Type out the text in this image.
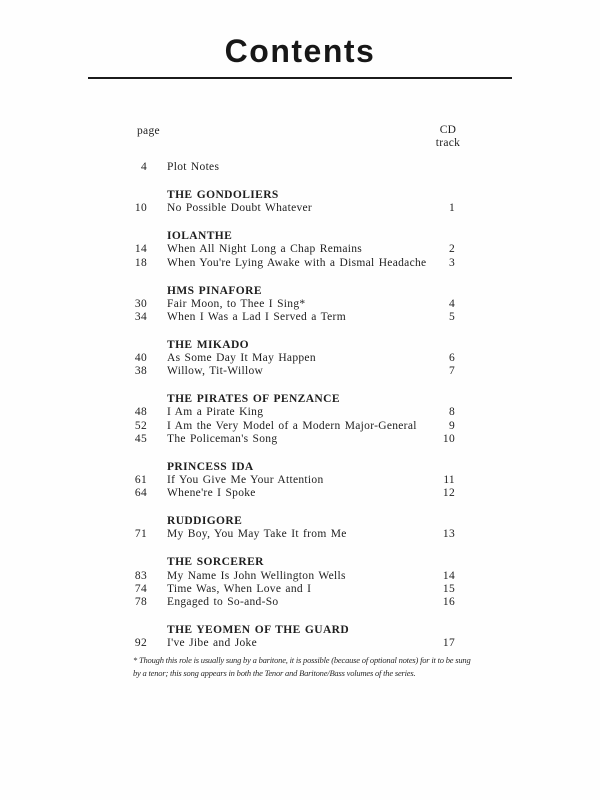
Contents
page	CD
track
4 Plot Notes
THE GONDOLIERS
10 No Possible Doubt Whatever	1
IOLANTHE
14 When All Night Long a Chap Remains	2
18 When You're Lying Awake with a Dismal Headache	3
HMS PINAFORE
30 Fair Moon, to Thee I Sing*	4
34 When I Was a Lad I Served a Term	5
THE MIKADO
40 As Some Day It May Happen	6
38 Willow, Tit-Willow	7
THE PIRATES OF PENZANCE
48 I Am a Pirate King	8
52 I Am the Very Model of a Modern Major-General	9
45 The Policeman's Song	10
PRINCESS IDA
61 If You Give Me Your Attention	11
64 Whene're I Spoke	12
RUDDIGORE
71 My Boy, You May Take It from Me	13
THE SORCERER
83 My Name Is John Wellington Wells	14
74 Time Was, When Love and I	15
78 Engaged to So-and-So	16
THE YEOMEN OF THE GUARD
92 I've Jibe and Joke	17
* Though this role is usually sung by a baritone, it is possible (because of optional notes) for it to be sung by a tenor; this song appears in both the Tenor and Baritone/Bass volumes of the series.
